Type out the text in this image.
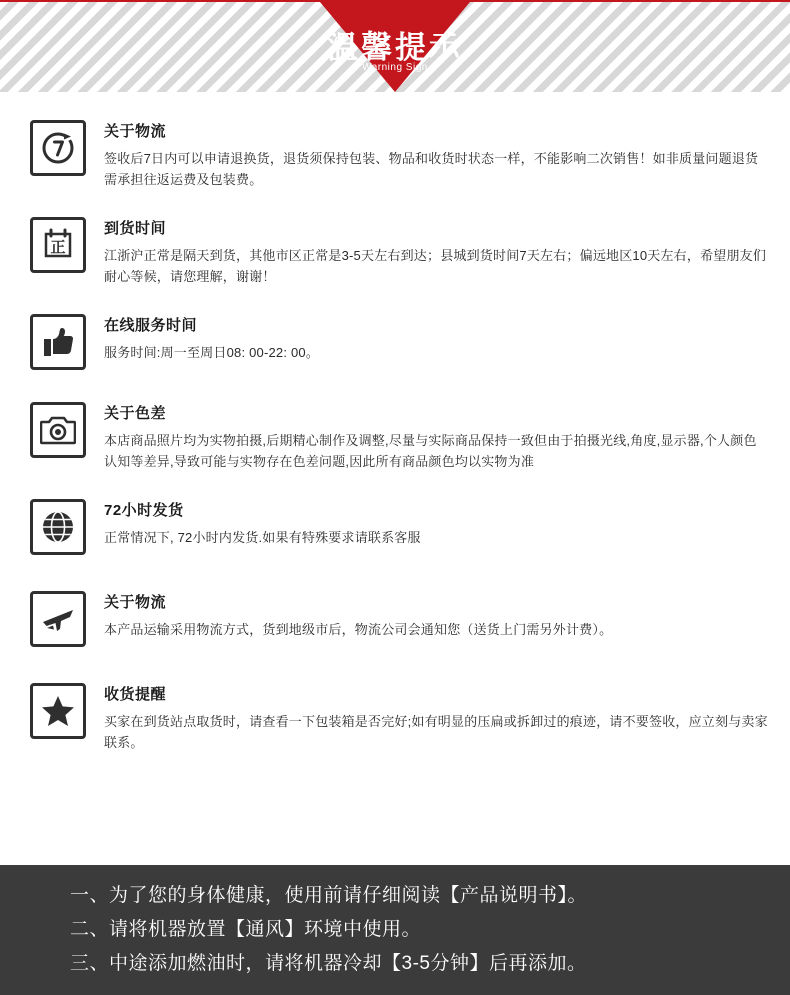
温馨提示
Warning Sign
关于物流
签收后7日内可以申请退换货，退货须保持包装、物品和收货时状态一样，不能影响二次销售！如非质量问题退货需承担往返运费及包装费。
正
到货时间
江浙沪正常是隔天到货，其他市区正常是3-5天左右到达；县城到货时间7天左右；偏远地区10天左右，希望朋友们耐心等候，请您理解，谢谢！
在线服务时间
服务时间:周一至周日08: 00-22: 00。
关于色差
本店商品照片均为实物拍摄,后期精心制作及调整,尽量与实际商品保持一致但由于拍摄光线,角度,显示器,个人颜色认知等差异,导致可能与实物存在色差问题,因此所有商品颜色均以实物为准
72小时发货
正常情况下, 72小时内发货.如果有特殊要求请联系客服
关于物流
本产品运输采用物流方式，货到地级市后，物流公司会通知您（送货上门需另外计费）。
收货提醒
买家在到货站点取货时，请查看一下包装箱是否完好;如有明显的压扁或拆卸过的痕迹，请不要签收，应立刻与卖家联系。
一、为了您的身体健康，使用前请仔细阅读【产品说明书】。
二、请将机器放置【通风】环境中使用。
三、中途添加燃油时，请将机器冷却【3-5分钟】后再添加。
